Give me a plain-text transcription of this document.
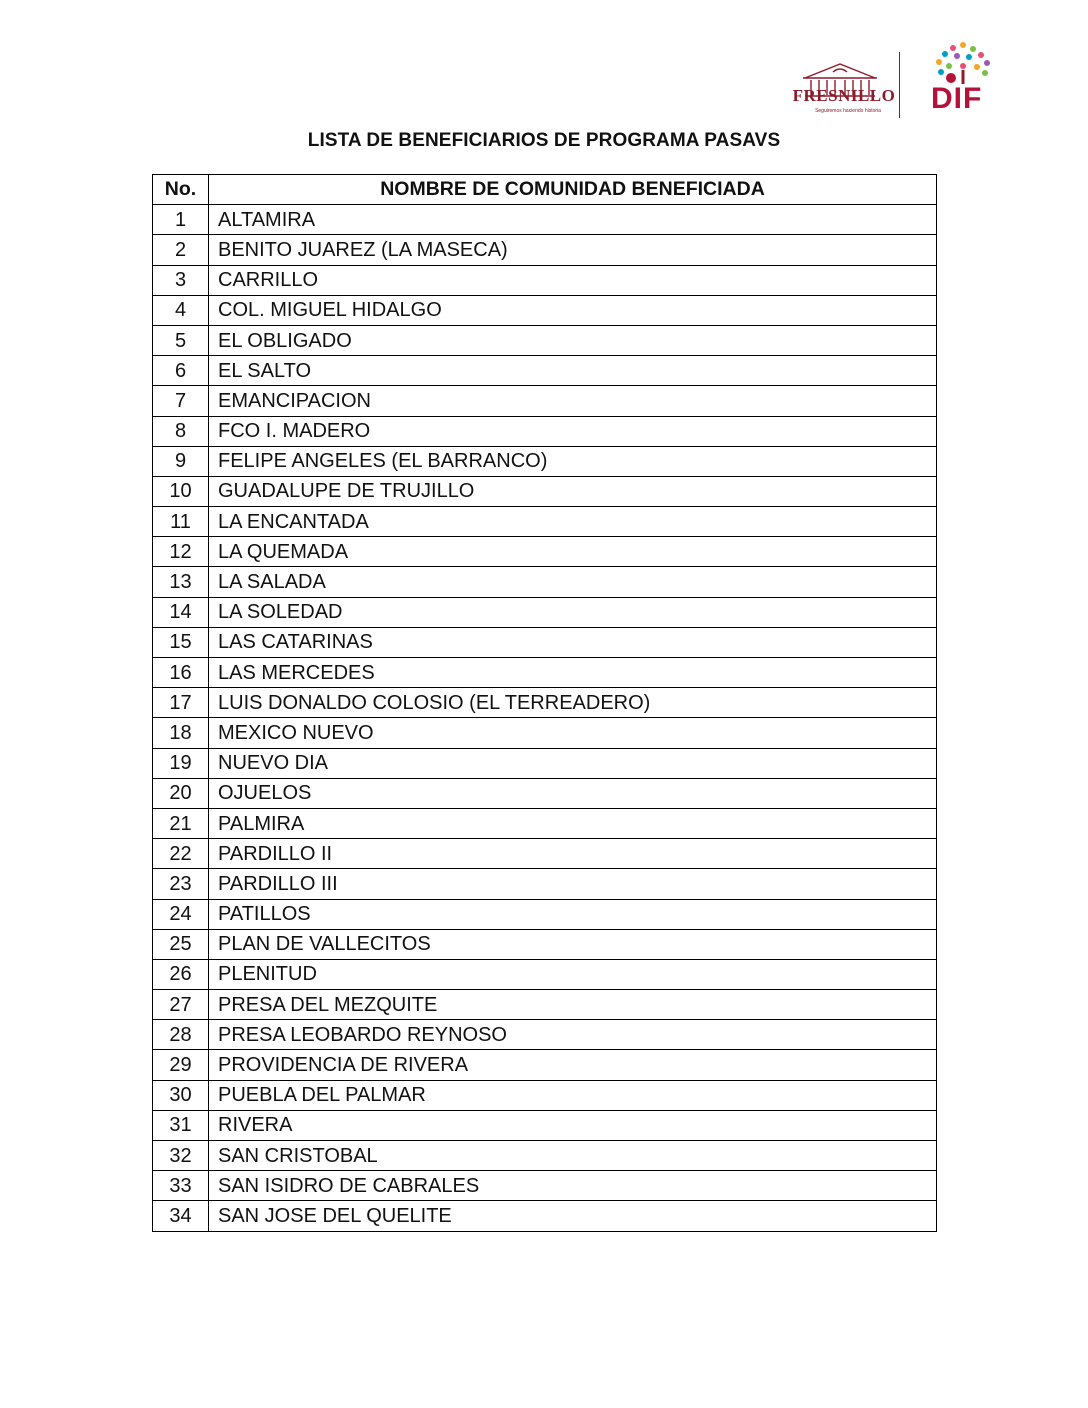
FRESNILLO
Seguiremos haciendo historia	DIF
LISTA DE BENEFICIARIOS DE PROGRAMA PASAVS
No.	NOMBRE DE COMUNIDAD BENEFICIADA
1	ALTAMIRA
2	BENITO JUAREZ (LA MASECA)
3	CARRILLO
4	COL. MIGUEL HIDALGO
5	EL OBLIGADO
6	EL SALTO
7	EMANCIPACION
8	FCO I. MADERO
9	FELIPE ANGELES (EL BARRANCO)
10	GUADALUPE DE TRUJILLO
11	LA ENCANTADA
12	LA QUEMADA
13	LA SALADA
14	LA SOLEDAD
15	LAS CATARINAS
16	LAS MERCEDES
17	LUIS DONALDO COLOSIO (EL TERREADERO)
18	MEXICO NUEVO
19	NUEVO DIA
20	OJUELOS
21	PALMIRA
22	PARDILLO II
23	PARDILLO III
24	PATILLOS
25	PLAN DE VALLECITOS
26	PLENITUD
27	PRESA DEL MEZQUITE
28	PRESA LEOBARDO REYNOSO
29	PROVIDENCIA DE RIVERA
30	PUEBLA DEL PALMAR
31	RIVERA
32	SAN CRISTOBAL
33	SAN ISIDRO DE CABRALES
34	SAN JOSE DEL QUELITE
